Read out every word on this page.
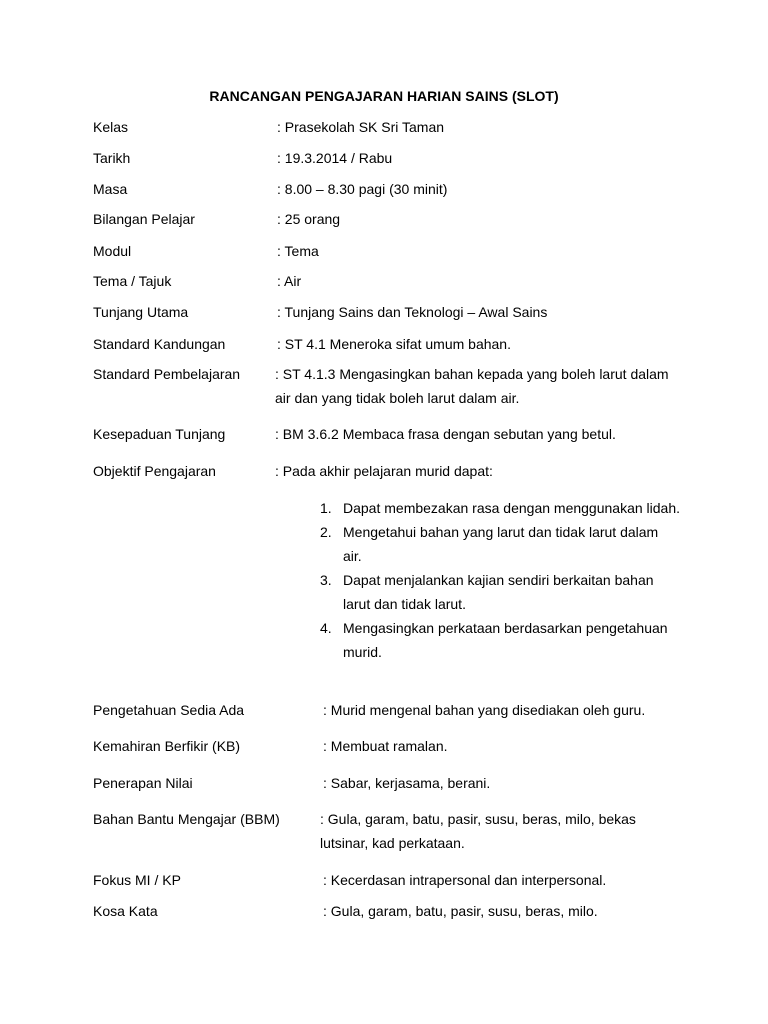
RANCANGAN PENGAJARAN HARIAN SAINS (SLOT)
Kelas	: Prasekolah SK Sri Taman
Tarikh	: 19.3.2014 / Rabu
Masa	: 8.00 – 8.30 pagi (30 minit)
Bilangan Pelajar	: 25 orang
Modul	: Tema
Tema / Tajuk	: Air
Tunjang Utama	: Tunjang Sains dan Teknologi – Awal Sains
Standard Kandungan	: ST 4.1 Meneroka sifat umum bahan.
Standard Pembelajaran : ST 4.1.3 Mengasingkan bahan kepada yang boleh larut dalam air dan yang tidak boleh larut dalam air.
Kesepaduan Tunjang	: BM 3.6.2 Membaca frasa dengan sebutan yang betul.
Objektif Pengajaran	: Pada akhir pelajaran murid dapat:
1. Dapat membezakan rasa dengan menggunakan lidah.
2. Mengetahui bahan yang larut dan tidak larut dalam air.
3. Dapat menjalankan kajian sendiri berkaitan bahan larut dan tidak larut.
4. Mengasingkan perkataan berdasarkan pengetahuan murid.
Pengetahuan Sedia Ada	: Murid mengenal bahan yang disediakan oleh guru.
Kemahiran Berfikir (KB)	: Membuat ramalan.
Penerapan Nilai	: Sabar, kerjasama, berani.
Bahan Bantu Mengajar (BBM)	: Gula, garam, batu, pasir, susu, beras, milo, bekas lutsinar, kad perkataan.
Fokus MI / KP	: Kecerdasan intrapersonal dan interpersonal.
Kosa Kata	: Gula, garam, batu, pasir, susu, beras, milo.
